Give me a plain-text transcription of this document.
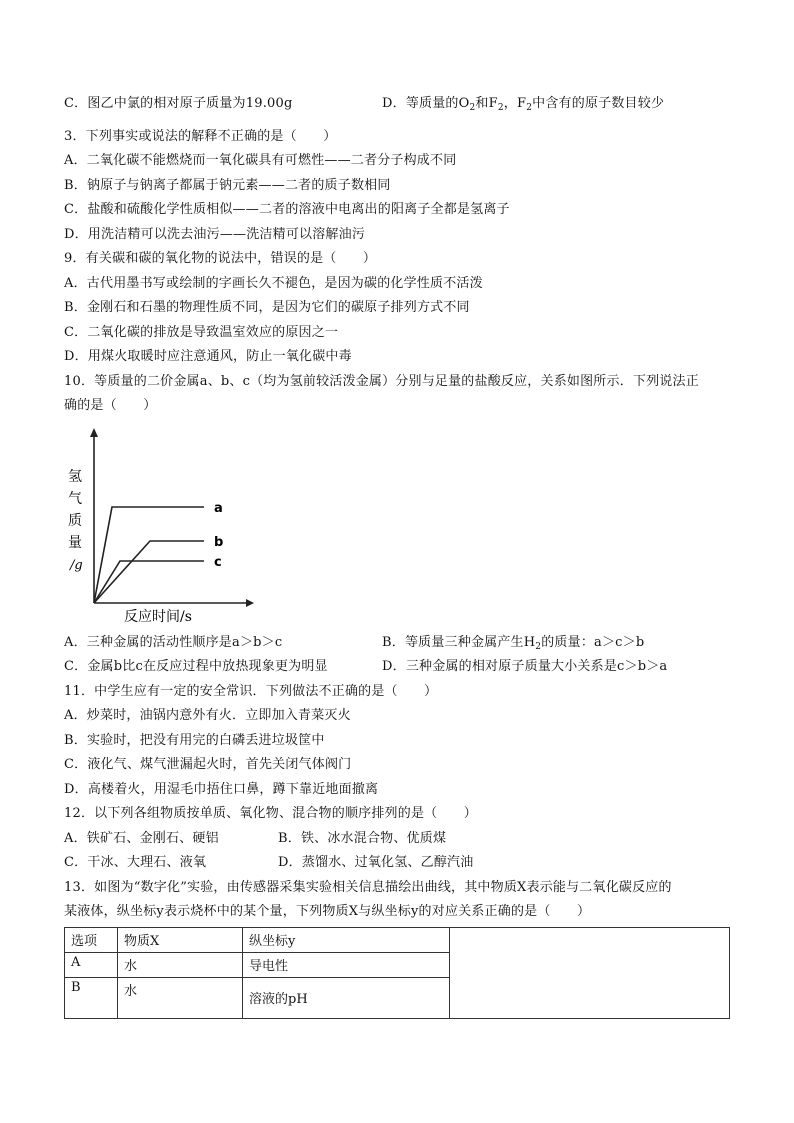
C．图乙中氯的相对原子质量为19.00g	D．等质量的$O_2$和$F_2$，$F_2$中含有的原子数目较少
3．下列事实或说法的解释不正确的是（　　）
A．二氧化碳不能燃烧而一氧化碳具有可燃性——二者分子构成不同
B．钠原子与钠离子都属于钠元素——二者的质子数相同
C．盐酸和硫酸化学性质相似——二者的溶液中电离出的阳离子全都是氢离子
D．用洗洁精可以洗去油污——洗洁精可以溶解油污
9．有关碳和碳的氧化物的说法中，错误的是（　　）
A．古代用墨书写或绘制的字画长久不褪色，是因为碳的化学性质不活泼
B．金刚石和石墨的物理性质不同，是因为它们的碳原子排列方式不同
C．二氧化碳的排放是导致温室效应的原因之一
D．用煤火取暖时应注意通风，防止一氧化碳中毒
10．等质量的二价金属a、b、c（均为氢前较活泼金属）分别与足量的盐酸反应，关系如图所示．下列说法正
确的是（　　）
a
b
c
氢
气
质
量
/g
反应时间/s
A．三种金属的活动性顺序是a＞b＞c	B．等质量三种金属产生$H_2$的质量：a＞c＞b
C．金属b比c在反应过程中放热现象更为明显	D．三种金属的相对原子质量大小关系是c＞b＞a
11．中学生应有一定的安全常识．下列做法不正确的是（　　）
A．炒菜时，油锅内意外有火．立即加入青菜灭火
B．实验时，把没有用完的白磷丢进垃圾筐中
C．液化气、煤气泄漏起火时，首先关闭气体阀门
D．高楼着火，用湿毛巾捂住口鼻，蹲下靠近地面撤离
12．以下列各组物质按单质、氧化物、混合物的顺序排列的是（　　）
A．铁矿石、金刚石、硬铝	B．铁、冰水混合物、优质煤
C．干冰、大理石、液氧	D．蒸馏水、过氧化氢、乙醇汽油
13．如图为“数字化”实验，由传感器采集实验相关信息描绘出曲线，其中物质X表示能与二氧化碳反应的
某液体，纵坐标y表示烧杯中的某个量，下列物质X与纵坐标y的对应关系正确的是（　　）
选项	物质X	纵坐标y	
A	水	导电性	
B	水	溶液的pH	
